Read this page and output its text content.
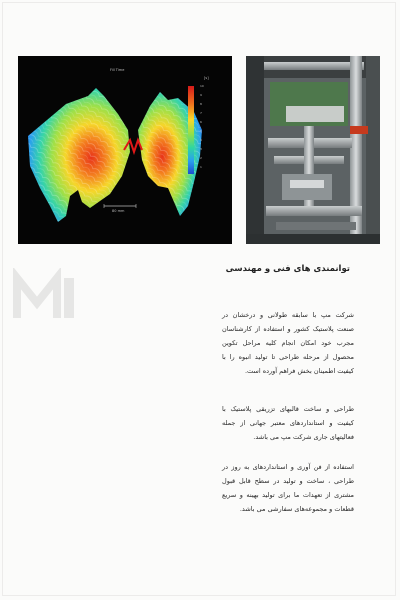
Fill Time
[s]
80 mm
10
9
8
7
6
5
4
3
2
1
توانمندی های فنی و مهندسی
شرکت مپ با سابقه طولانی و درخشان در صنعت پلاستیک کشور و استفاده از کارشناسان مجرب خود امکان انجام کلیه مراحل تکوین محصول از مرحله طراحی تا تولید انبوه را با کیفیت اطمینان بخش فراهم آورده است.
طراحی و ساخت قالبهای تزریقی پلاستیک با کیفیت و استانداردهای معتبر جهانی از جمله فعالیتهای جاری شرکت مپ می باشد.
استفاده از فن آوری و استانداردهای به روز در طراحی ، ساخت و تولید در سطح قابل قبول مشتری از تعهدات ما برای تولید بهینه و سریع قطعات و مجموعه‌های سفارشی می باشد.
